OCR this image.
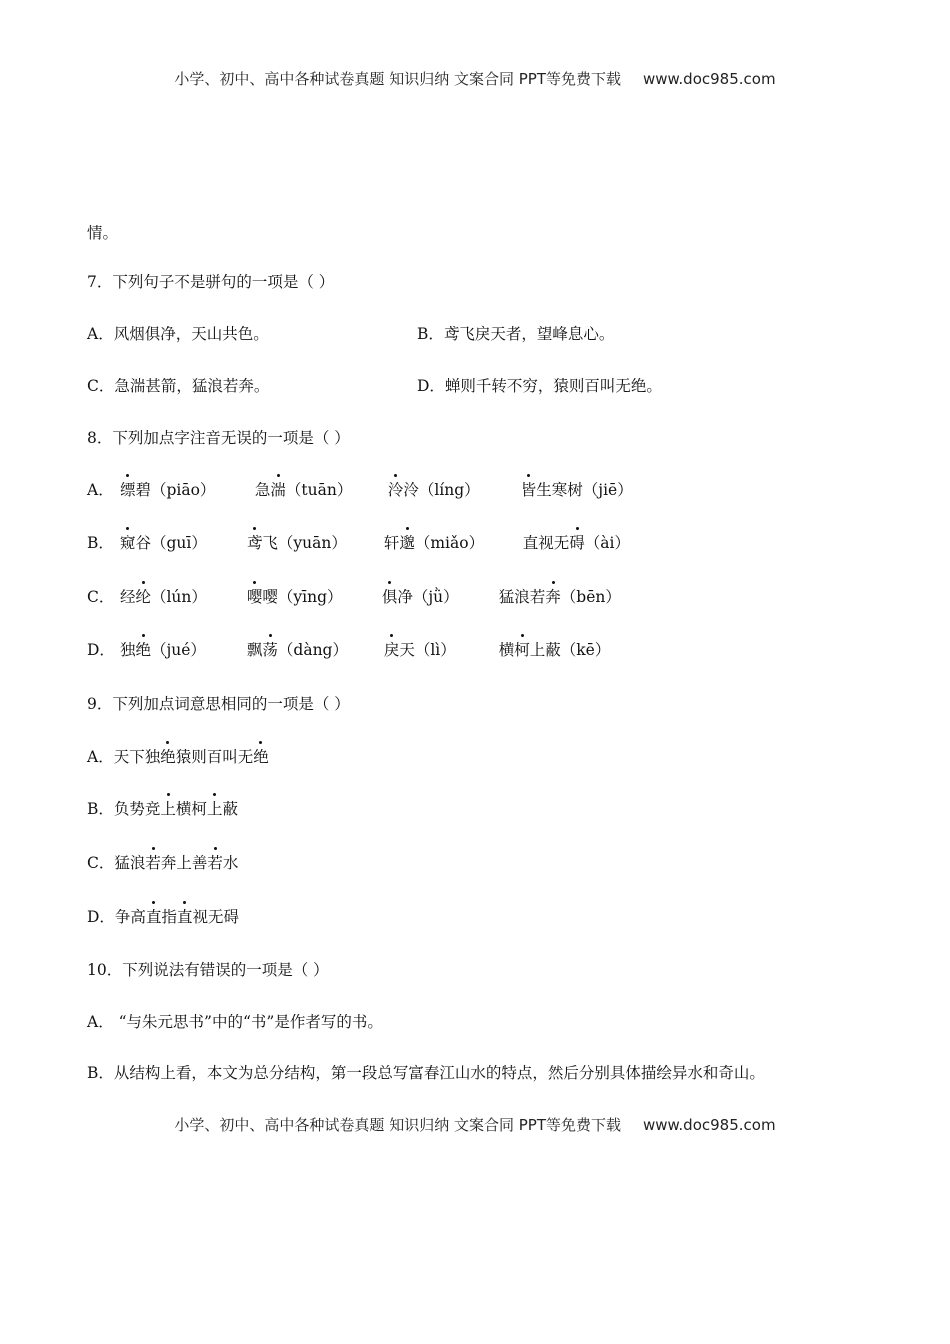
小学、初中、高中各种试卷真题 知识归纳 文案合同 PPT等免费下载 www.doc985.com
情。
7．下列句子不是骈句的一项是（ ）
A．风烟俱净，天山共色。	B．鸢飞戾天者，望峰息心。
C．急湍甚箭，猛浪若奔。	D．蝉则千转不穷，猿则百叫无绝。
8．下列加点字注音无误的一项是（ ）
A． 缥碧（piāo）	急湍（tuān） 泠泠（líng）	皆生寒树（jiē）
B． 窥谷（guī）	鸢飞（yuān） 轩邈（miǎo） 直视无碍（ài）
C． 经纶（lún）	嘤嘤（yīng）	俱净（jǜ）	猛浪若奔（bēn）
D． 独绝（jué）	飘荡（dàng） 戾天（lì）	横柯上蔽（kē）
9．下列加点词意思相同的一项是（ ）
A．天下独绝猿则百叫无绝
B．负势竞上横柯上蔽
C．猛浪若奔上善若水
D．争高直指直视无碍
10．下列说法有错误的一项是（ ）
A． “与朱元思书”中的“书”是作者写的书。
B．从结构上看，本文为总分结构，第一段总写富春江山水的特点，然后分别具体描绘异水和奇山。
小学、初中、高中各种试卷真题 知识归纳 文案合同 PPT等免费下载 www.doc985.com
